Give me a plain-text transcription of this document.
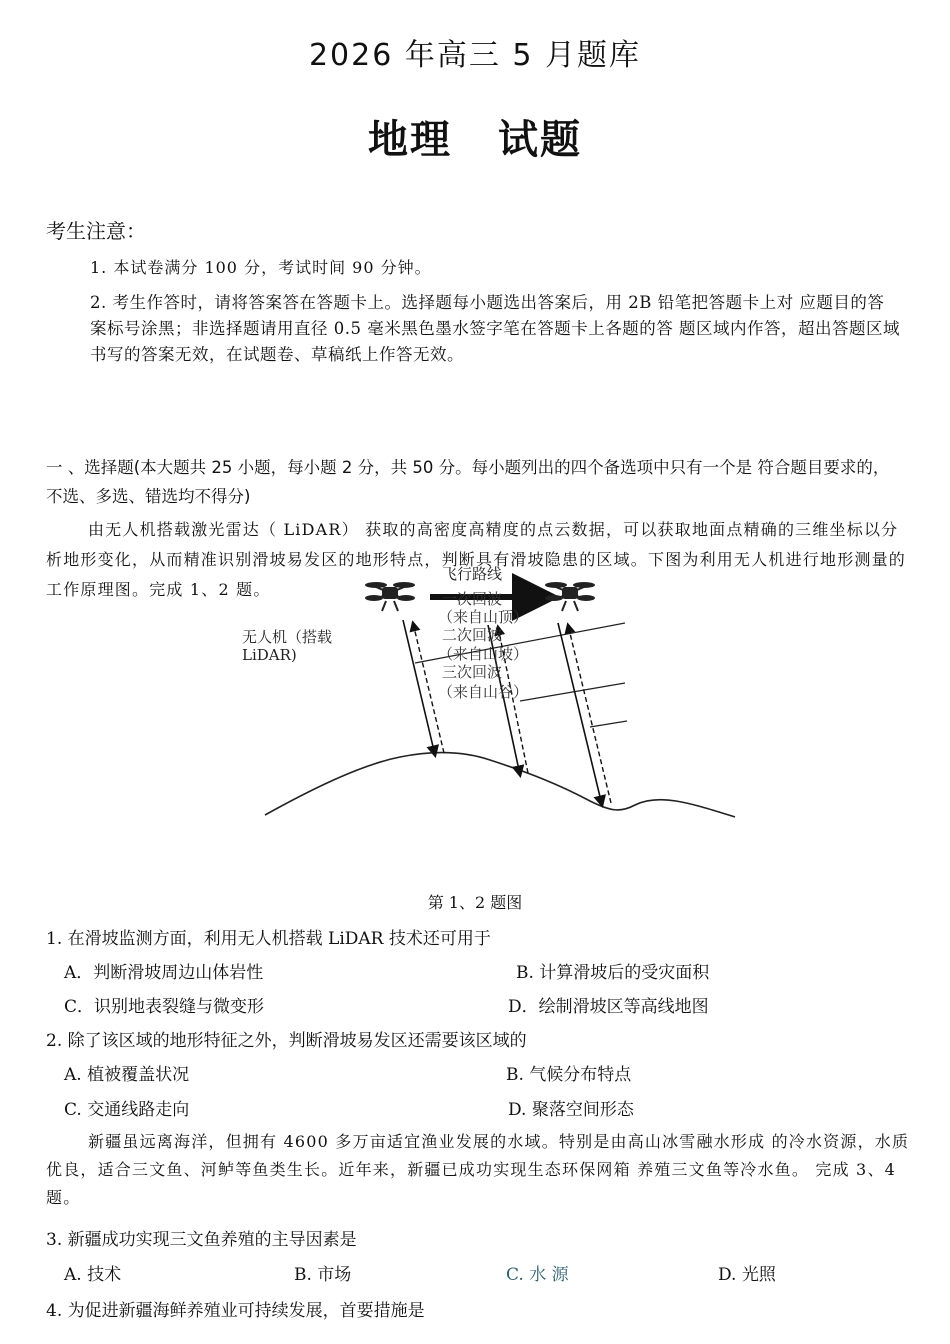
2026 年高三 5 月题库
地理 试题
考生注意：
1. 本试卷满分 100 分，考试时间 90 分钟。
2. 考生作答时，请将答案答在答题卡上。选择题每小题选出答案后，用 2B 铅笔把答题卡上对 应题目的答案标号涂黑；非选择题请用直径 0.5 毫米黑色墨水签字笔在答题卡上各题的答 题区域内作答，超出答题区域书写的答案无效，在试题卷、草稿纸上作答无效。
一 、选择题(本大题共 25 小题，每小题 2 分，共 50 分。每小题列出的四个备选项中只有一个是 符合题目要求的，不选、多选、错选均不得分)
由无人机搭载激光雷达（ LiDAR） 获取的高密度高精度的点云数据，可以获取地面点精确的三维坐标以分析地形变化，从而精准识别滑坡易发区的地形特点，判断具有滑坡隐患的区域。下图为利用无人机进行地形测量的工作原理图。完成 1、2 题。
无人机（搭载
LiDAR)
飞行路线
一次回波
（来自山顶）
二次回波
（来自山坡）
三次回波
（来自山谷）
第 1、2 题图
1. 在滑坡监测方面，利用无人机搭载 LiDAR 技术还可用于
A．判断滑坡周边山体岩性	B. 计算滑坡后的受灾面积
C．识别地表裂缝与微变形	D．绘制滑坡区等高线地图
2. 除了该区域的地形特征之外，判断滑坡易发区还需要该区域的
A. 植被覆盖状况	B. 气候分布特点
C. 交通线路走向	D. 聚落空间形态
新疆虽远离海洋，但拥有 4600 多万亩适宜渔业发展的水域。特别是由高山冰雪融水形成 的冷水资源，水质优良，适合三文鱼、河鲈等鱼类生长。近年来，新疆已成功实现生态环保网箱 养殖三文鱼等冷水鱼。 完成 3、4 题。
3. 新疆成功实现三文鱼养殖的主导因素是
A. 技术	B. 市场	C. 水 源	D. 光照
4. 为促进新疆海鲜养殖业可持续发展，首要措施是
